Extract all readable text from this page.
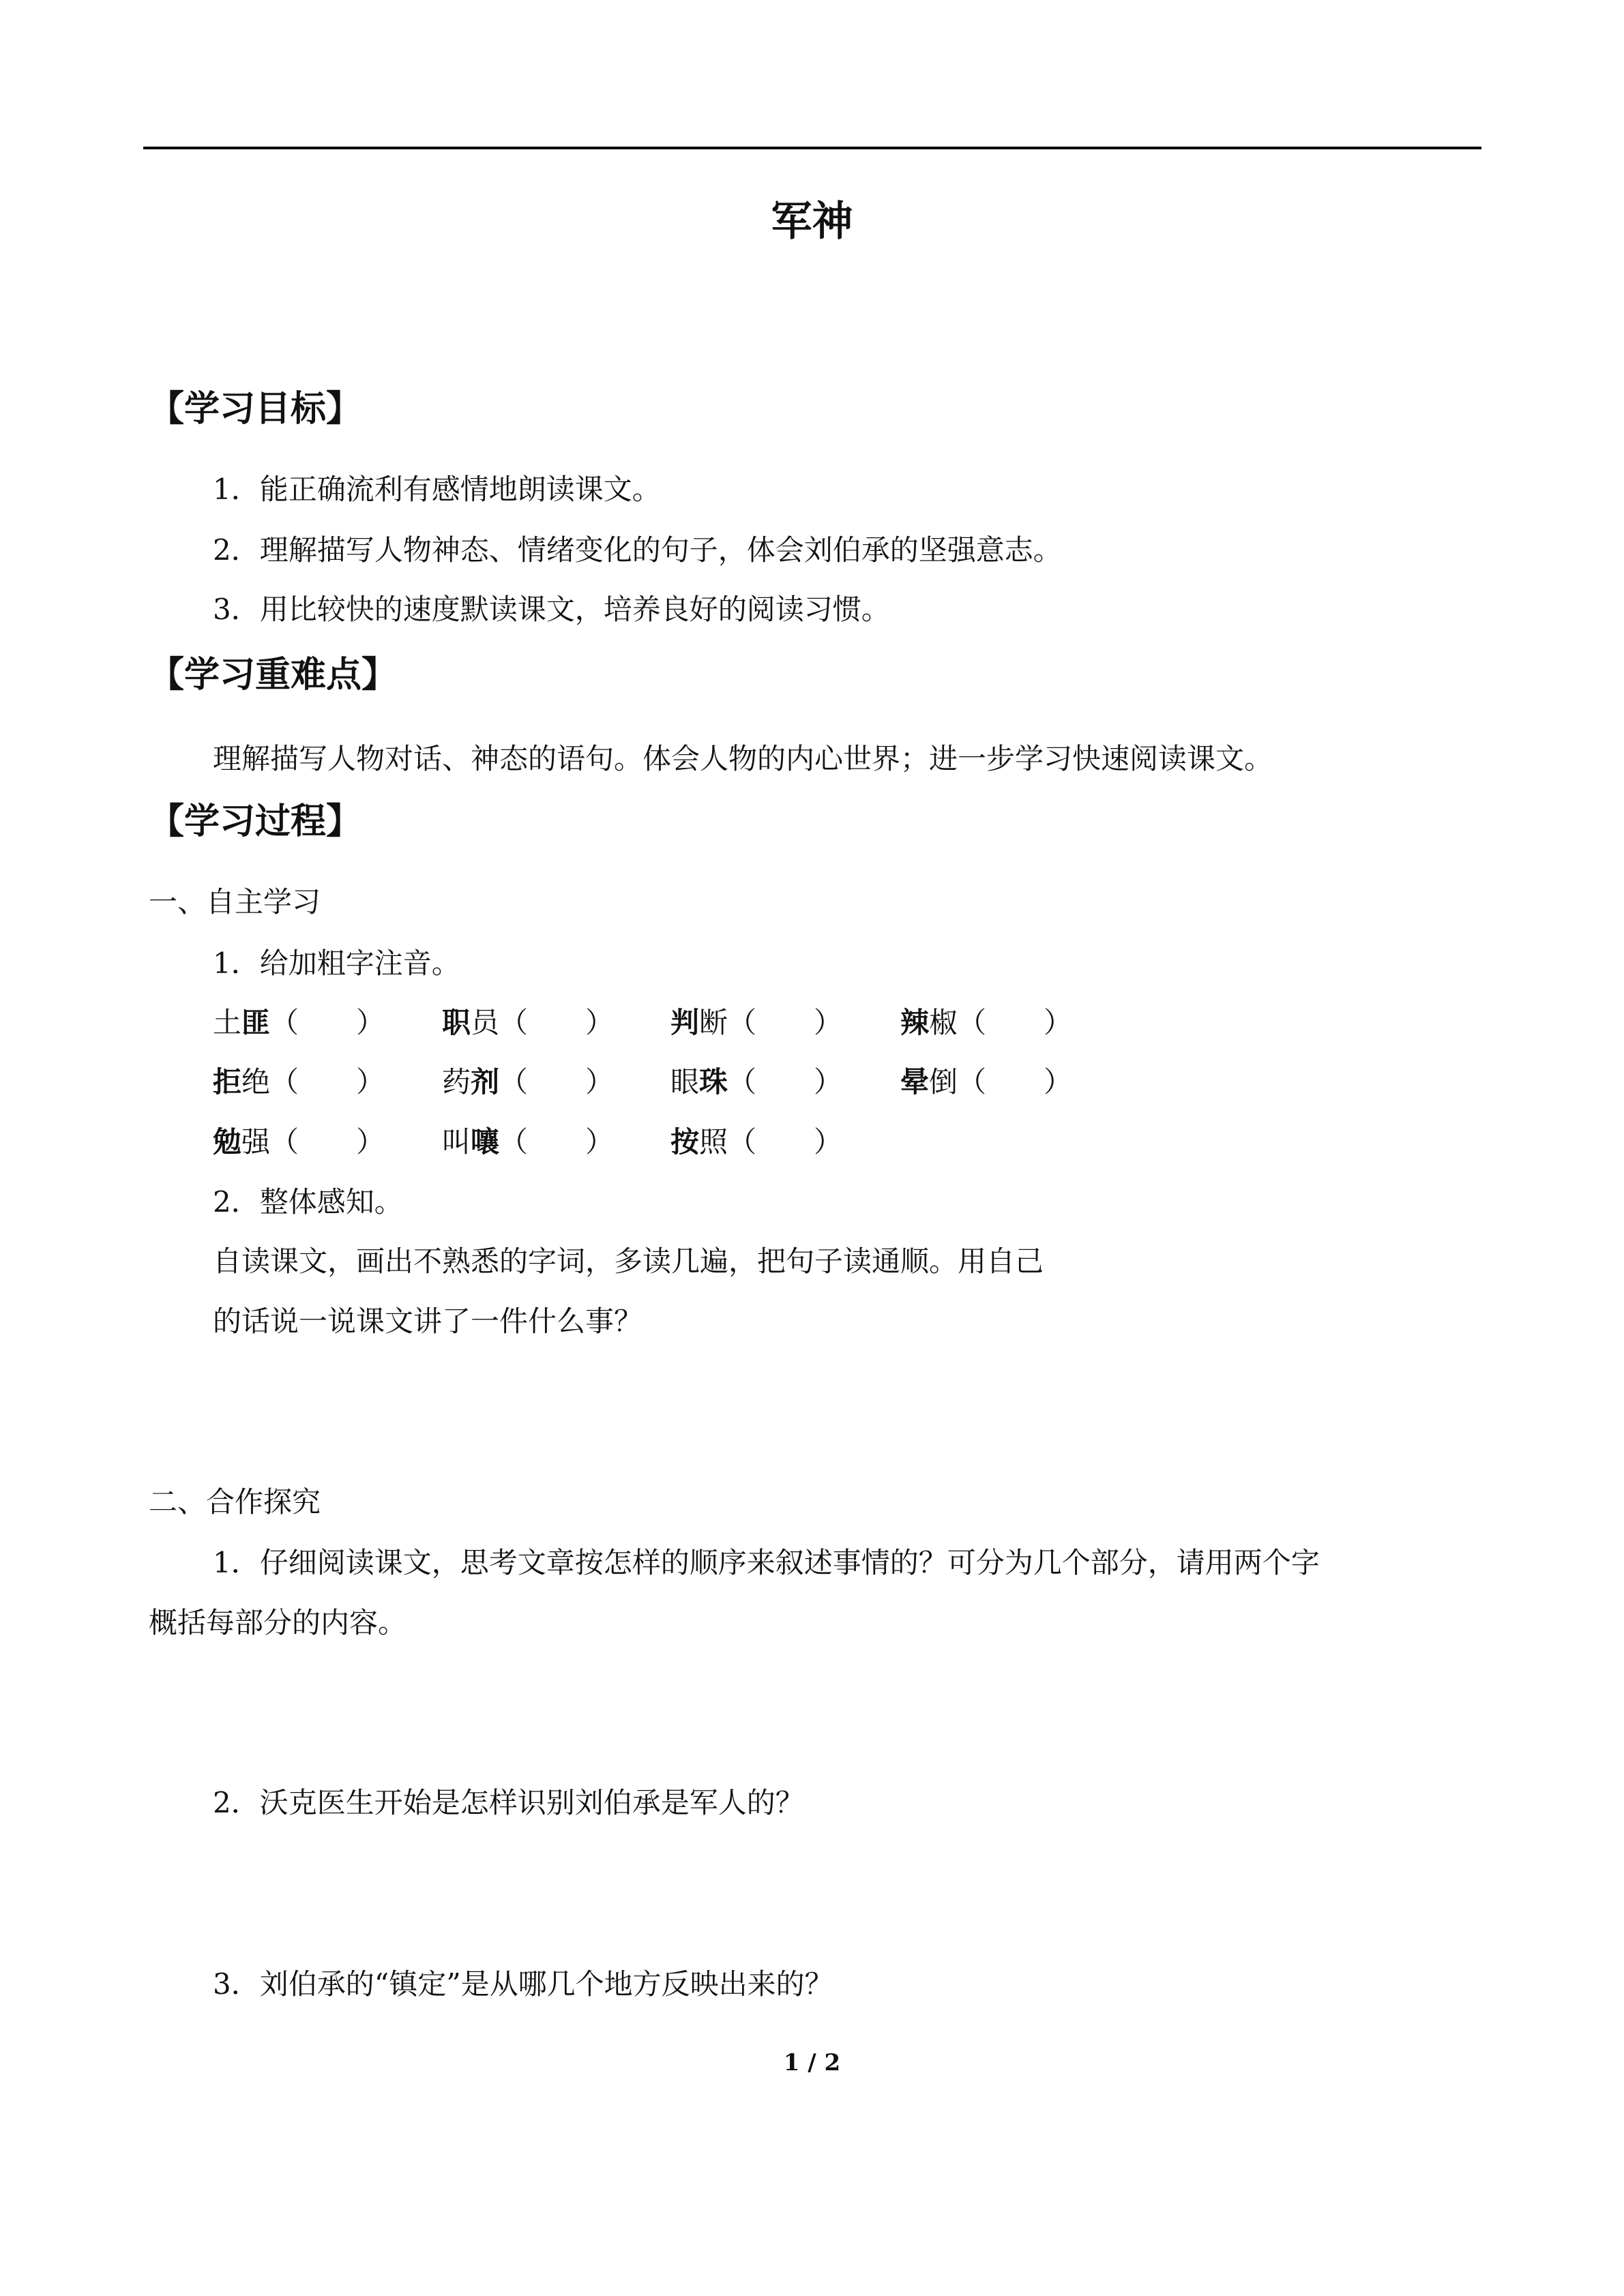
军神
【学习目标】
1．能正确流利有感情地朗读课文。
2．理解描写人物神态、情绪变化的句子，体会刘伯承的坚强意志。
3．用比较快的速度默读课文，培养良好的阅读习惯。
【学习重难点】
理解描写人物对话、神态的语句。体会人物的内心世界；进一步学习快速阅读课文。
【学习过程】
一、自主学习
1．给加粗字注音。
土匪（　　） 职员（　　） 判断（　　） 辣椒（　　）
拒绝（　　） 药剂（　　） 眼珠（　　） 晕倒（　　）
勉强（　　） 叫嚷（　　） 按照（　　）
2．整体感知。
自读课文，画出不熟悉的字词，多读几遍，把句子读通顺。用自己
的话说一说课文讲了一件什么事？
二、合作探究
1．仔细阅读课文，思考文章按怎样的顺序来叙述事情的？可分为几个部分，请用两个字
概括每部分的内容。
2．沃克医生开始是怎样识别刘伯承是军人的？
3．刘伯承的“镇定”是从哪几个地方反映出来的？
1 / 2
